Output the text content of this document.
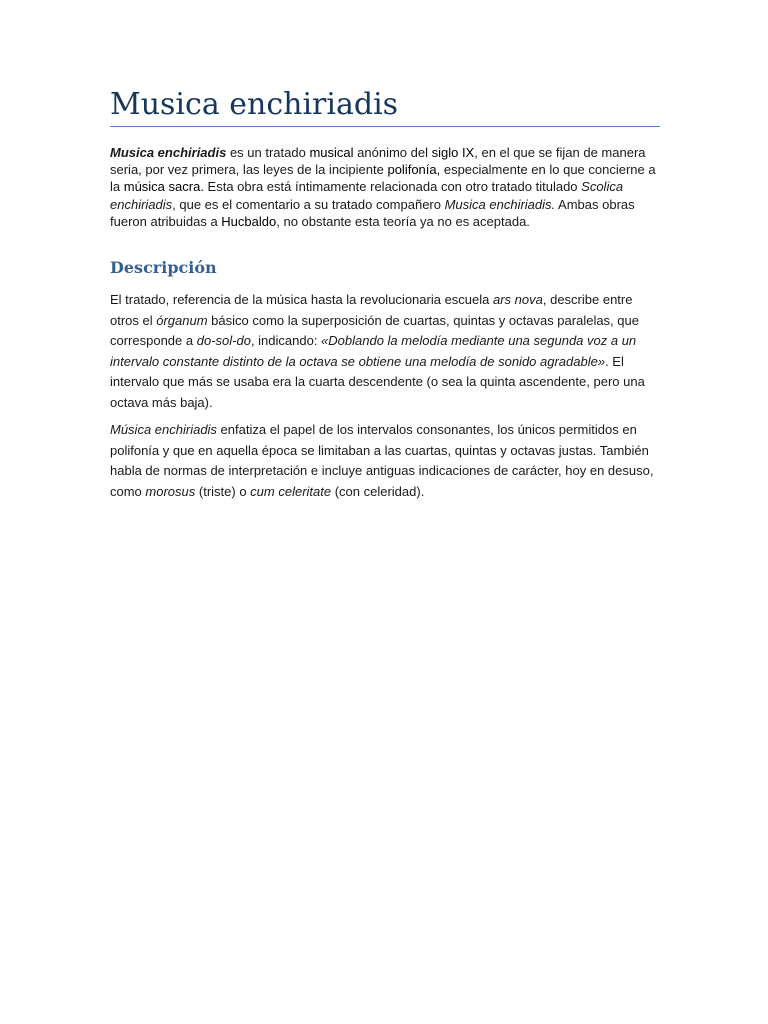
Musica enchiriadis

Musica enchiriadis es un tratado musical anónimo del siglo IX, en el que se fijan de manera seria, por vez primera, las leyes de la incipiente polifonía, especialmente en lo que concierne a la música sacra. Esta obra está íntimamente relacionada con otro tratado titulado Scolica enchiriadis, que es el comentario a su tratado compañero Musica enchiriadis. Ambas obras fueron atribuidas a Hucbaldo, no obstante esta teoría ya no es aceptada.

Descripción

El tratado, referencia de la música hasta la revolucionaria escuela ars nova, describe entre otros el órganum básico como la superposición de cuartas, quintas y octavas paralelas, que corresponde a do-sol-do, indicando: «Doblando la melodía mediante una segunda voz a un intervalo constante distinto de la octava se obtiene una melodía de sonido agradable». El intervalo que más se usaba era la cuarta descendente (o sea la quinta ascendente, pero una octava más baja).

Música enchiriadis enfatiza el papel de los intervalos consonantes, los únicos permitidos en polifonía y que en aquella época se limitaban a las cuartas, quintas y octavas justas. También habla de normas de interpretación e incluye antiguas indicaciones de carácter, hoy en desuso, como morosus (triste) o cum celeritate (con celeridad).
